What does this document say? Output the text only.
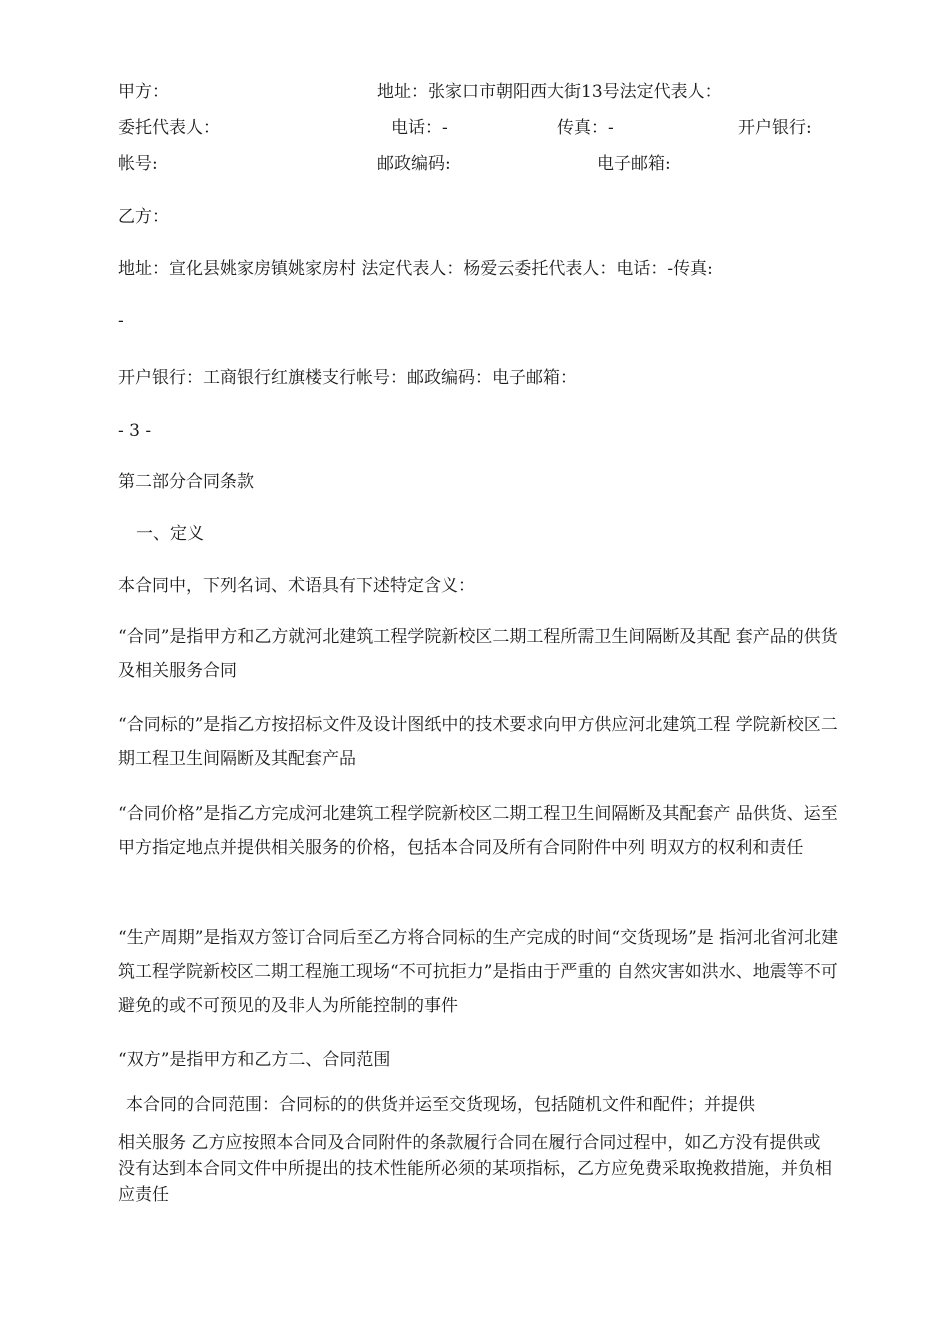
甲方：	地址：张家口市朝阳西大街13号法定代表人：
委托代表人：	电话：-	传真：-	开户银行:
帐号:	邮政编码:	电子邮箱:
乙方：
地址：宣化县姚家房镇姚家房村 法定代表人：杨爱云委托代表人：电话：-传真:
-
开户银行：工商银行红旗楼支行帐号：邮政编码：电子邮箱：
- 3 -
第二部分合同条款
一、定义
本合同中，下列名词、术语具有下述特定含义：
“合同”是指甲方和乙方就河北建筑工程学院新校区二期工程所需卫生间隔断及其配 套产品的供货及相关服务合同
“合同标的”是指乙方按招标文件及设计图纸中的技术要求向甲方供应河北建筑工程 学院新校区二期工程卫生间隔断及其配套产品
“合同价格”是指乙方完成河北建筑工程学院新校区二期工程卫生间隔断及其配套产 品供货、运至甲方指定地点并提供相关服务的价格，包括本合同及所有合同附件中列 明双方的权利和责任
“生产周期”是指双方签订合同后至乙方将合同标的生产完成的时间“交货现场”是 指河北省河北建筑工程学院新校区二期工程施工现场“不可抗拒力”是指由于严重的 自然灾害如洪水、地震等不可避免的或不可预见的及非人为所能控制的事件
“双方”是指甲方和乙方二、合同范围
本合同的合同范围：合同标的的供货并运至交货现场，包括随机文件和配件；并提供
相关服务 乙方应按照本合同及合同附件的条款履行合同在履行合同过程中，如乙方没有提供或 没有达到本合同文件中所提出的技术性能所必须的某项指标，乙方应免费采取挽救措施，并负相应责任
